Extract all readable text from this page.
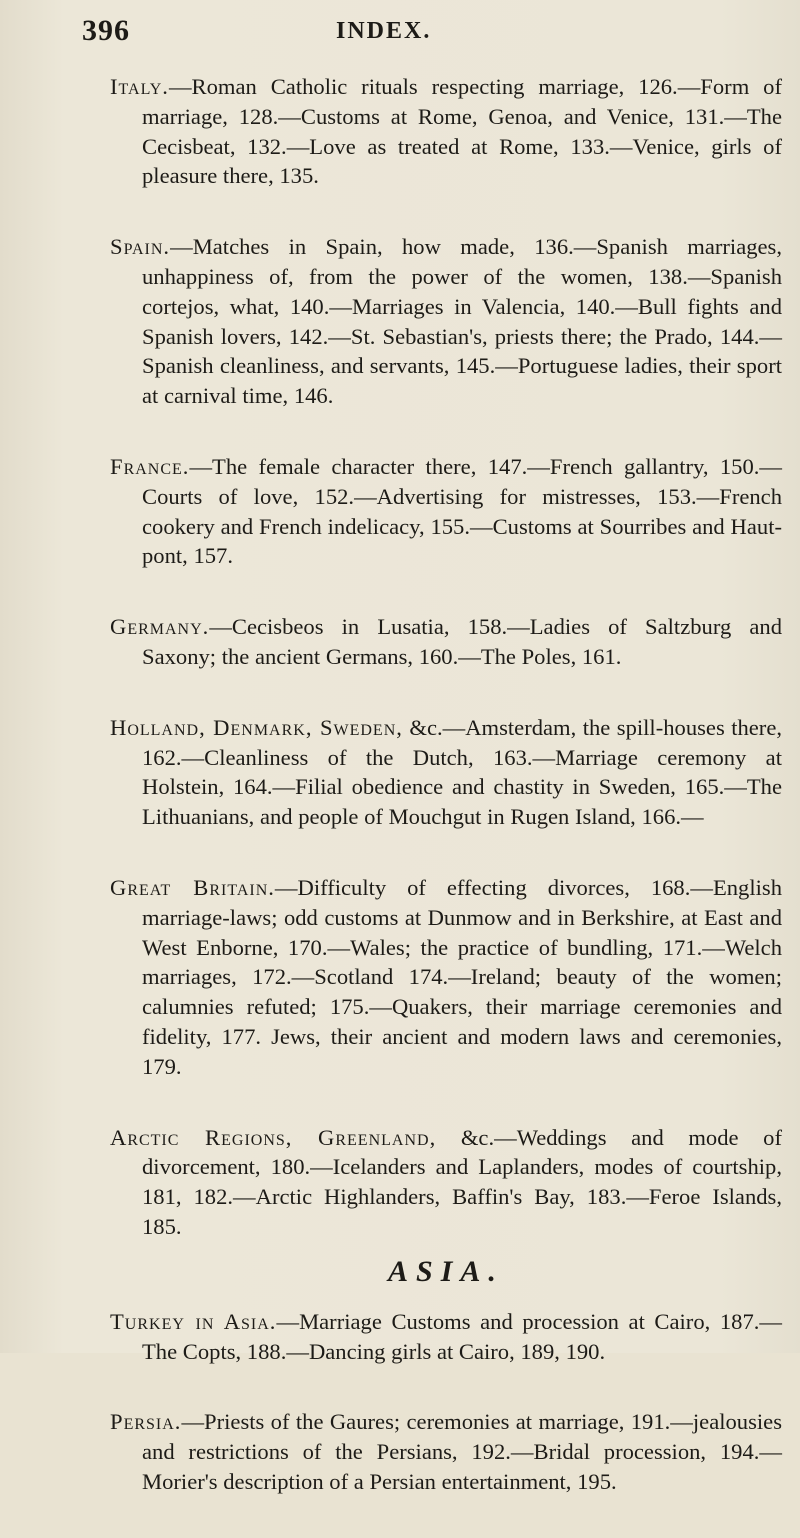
396	INDEX.

Italy.—Roman Catholic rituals respecting marriage, 126.—Form of marriage, 128.—Customs at Rome, Genoa, and Venice, 131.—The Cecisbeat, 132.—Love as treated at Rome, 133.—Venice, girls of pleasure there, 135.

Spain.—Matches in Spain, how made, 136.—Spanish marriages, unhappiness of, from the power of the women, 138.—Spanish cortejos, what, 140.—Marriages in Valencia, 140.—Bull fights and Spanish lovers, 142.—St. Sebastian's, priests there; the Prado, 144.—Spanish cleanliness, and servants, 145.—Portuguese ladies, their sport at carnival time, 146.

France.—The female character there, 147.—French gallantry, 150.—Courts of love, 152.—Advertising for mistresses, 153.—French cookery and French indelicacy, 155.—Customs at Sourribes and Haut-pont, 157.

Germany.—Cecisbeos in Lusatia, 158.—Ladies of Saltzburg and Saxony; the ancient Germans, 160.—The Poles, 161.

Holland, Denmark, Sweden, &c.—Amsterdam, the spill-houses there, 162.—Cleanliness of the Dutch, 163.—Marriage ceremony at Holstein, 164.—Filial obedience and chastity in Sweden, 165.—The Lithuanians, and people of Mouchgut in Rugen Island, 166.—

Great Britain.—Difficulty of effecting divorces, 168.—English marriage-laws; odd customs at Dunmow and in Berkshire, at East and West Enborne, 170.—Wales; the practice of bundling, 171.—Welch marriages, 172.—Scotland 174.—Ireland; beauty of the women; calumnies refuted; 175.—Quakers, their marriage ceremonies and fidelity, 177. Jews, their ancient and modern laws and ceremonies, 179.

Arctic Regions, Greenland, &c.—Weddings and mode of divorcement, 180.—Icelanders and Laplanders, modes of courtship, 181, 182.—Arctic Highlanders, Baffin's Bay, 183.—Feroe Islands, 185.

ASIA.

Turkey in Asia.—Marriage Customs and procession at Cairo, 187.—The Copts, 188.—Dancing girls at Cairo, 189, 190.

Persia.—Priests of the Gaures; ceremonies at marriage, 191.—jealousies and restrictions of the Persians, 192.—Bridal procession, 194.—Morier's description of a Persian entertainment, 195.
